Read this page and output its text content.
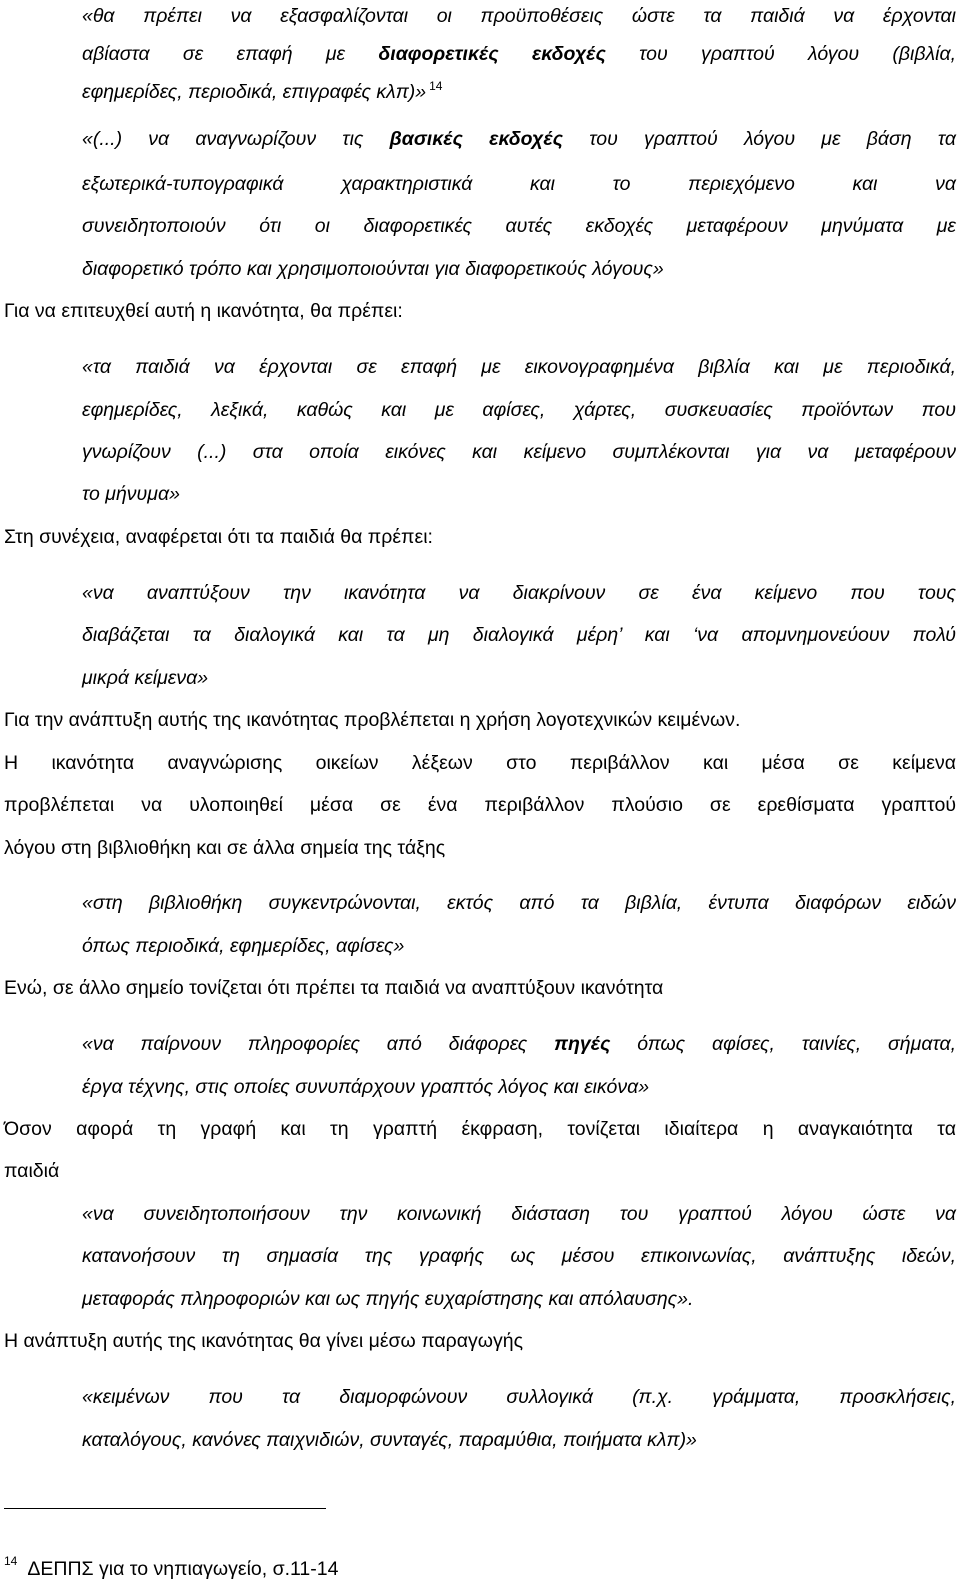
«θα πρέπει να εξασφαλίζονται οι προϋποθέσεις ώστε τα παιδιά να έρχονται

αβίαστα σε επαφή με διαφορετικές εκδοχές του γραπτού λόγου (βιβλία,

εφημερίδες, περιοδικά, επιγραφές κλπ)» $^{14}$

«(...) να αναγνωρίζουν τις βασικές εκδοχές του γραπτού λόγου με βάση τα

εξωτερικά-τυπογραφικά χαρακτηριστικά και το περιεχόμενο και να

συνειδητοποιούν ότι οι διαφορετικές αυτές εκδοχές μεταφέρουν μηνύματα με

διαφορετικό τρόπο και χρησιμοποιούνται για διαφορετικούς λόγους»

Για να επιτευχθεί αυτή η ικανότητα, θα πρέπει:

«τα παιδιά να έρχονται σε επαφή με εικονογραφημένα βιβλία και με περιοδικά,

εφημερίδες, λεξικά, καθώς και με αφίσες, χάρτες, συσκευασίες προϊόντων που

γνωρίζουν (...) στα οποία εικόνες και κείμενο συμπλέκονται για να μεταφέρουν

το μήνυμα»

Στη συνέχεια, αναφέρεται ότι τα παιδιά θα πρέπει:

«να αναπτύξουν την ικανότητα να διακρίνουν σε ένα κείμενο που τους

διαβάζεται τα διαλογικά και τα μη διαλογικά μέρη’ και ‘να απομνημονεύουν πολύ

μικρά κείμενα»

Για την ανάπτυξη αυτής της ικανότητας προβλέπεται η χρήση λογοτεχνικών κειμένων.

Η ικανότητα αναγνώρισης οικείων λέξεων στο περιβάλλον και μέσα σε κείμενα

προβλέπεται να υλοποιηθεί μέσα σε ένα περιβάλλον πλούσιο σε ερεθίσματα γραπτού

λόγου στη βιβλιοθήκη και σε άλλα σημεία της τάξης

«στη βιβλιοθήκη συγκεντρώνονται, εκτός από τα βιβλία, έντυπα διαφόρων ειδών

όπως περιοδικά, εφημερίδες, αφίσες»

Ενώ, σε άλλο σημείο τονίζεται ότι πρέπει τα παιδιά να αναπτύξουν ικανότητα

«να παίρνουν πληροφορίες από διάφορες πηγές όπως αφίσες, ταινίες, σήματα,

έργα τέχνης, στις οποίες συνυπάρχουν γραπτός λόγος και εικόνα»

Όσον αφορά τη γραφή και τη γραπτή έκφραση, τονίζεται ιδιαίτερα η αναγκαιότητα τα

παιδιά

«να συνειδητοποιήσουν την κοινωνική διάσταση του γραπτού λόγου ώστε να

κατανοήσουν τη σημασία της γραφής ως μέσου επικοινωνίας, ανάπτυξης ιδεών,

μεταφοράς πληροφοριών και ως πηγής ευχαρίστησης και απόλαυσης».

Η ανάπτυξη αυτής της ικανότητας θα γίνει μέσω παραγωγής

«κειμένων που τα διαμορφώνουν συλλογικά (π.χ. γράμματα, προσκλήσεις,

καταλόγους, κανόνες παιχνιδιών, συνταγές, παραμύθια, ποιήματα κλπ)»

$^{14}$ ΔΕΠΠΣ για το νηπιαγωγείο, σ.11-14
